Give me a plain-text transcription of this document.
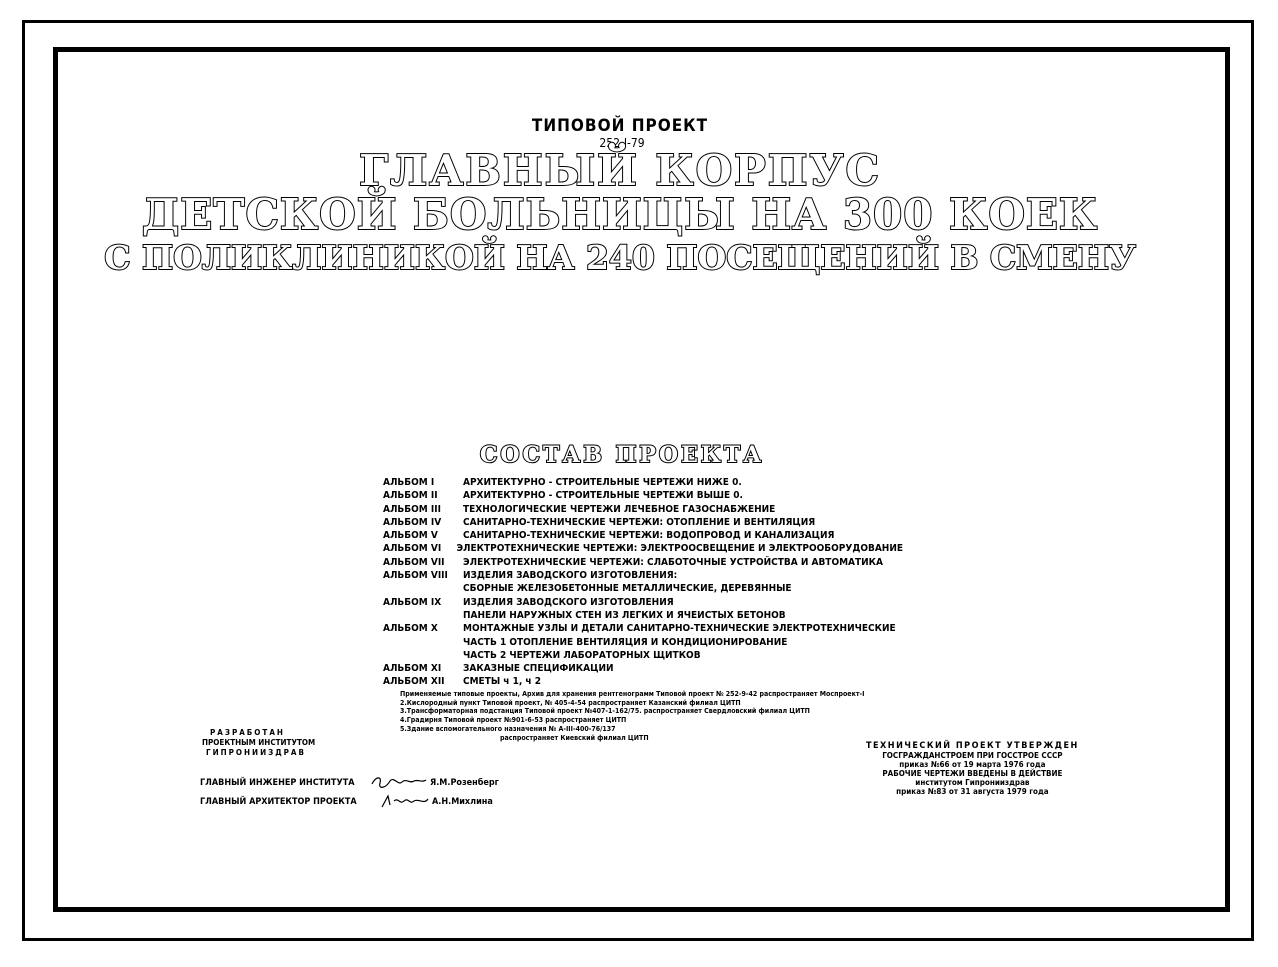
ТИПОВОЙ ПРОЕКТ
252-I-79
ГЛАВНЫЙ КОРПУС
ДЕТСКОЙ БОЛЬНИЦЫ НА 300 КОЕК
С ПОЛИКЛИНИКОЙ НА 240 ПОСЕЩЕНИЙ В СМЕНУ
СОСТАВ ПРОЕКТА
АЛЬБОМ I	АРХИТЕКТУРНО - СТРОИТЕЛЬНЫЕ ЧЕРТЕЖИ НИЖЕ 0.
АЛЬБОМ II	АРХИТЕКТУРНО - СТРОИТЕЛЬНЫЕ ЧЕРТЕЖИ ВЫШЕ 0.
АЛЬБОМ III	ТЕХНОЛОГИЧЕСКИЕ ЧЕРТЕЖИ ЛЕЧЕБНОЕ ГАЗОСНАБЖЕНИЕ
АЛЬБОМ IV	САНИТАРНО-ТЕХНИЧЕСКИЕ ЧЕРТЕЖИ: ОТОПЛЕНИЕ И ВЕНТИЛЯЦИЯ
АЛЬБОМ V	САНИТАРНО-ТЕХНИЧЕСКИЕ ЧЕРТЕЖИ: ВОДОПРОВОД И КАНАЛИЗАЦИЯ
АЛЬБОМ VI	ЭЛЕКТРОТЕХНИЧЕСКИЕ ЧЕРТЕЖИ: ЭЛЕКТРООСВЕЩЕНИЕ И ЭЛЕКТРООБОРУДОВАНИЕ
АЛЬБОМ VII	ЭЛЕКТРОТЕХНИЧЕСКИЕ ЧЕРТЕЖИ: СЛАБОТОЧНЫЕ УСТРОЙСТВА И АВТОМАТИКА
АЛЬБОМ VIII	ИЗДЕЛИЯ ЗАВОДСКОГО ИЗГОТОВЛЕНИЯ:
СБОРНЫЕ ЖЕЛЕЗОБЕТОННЫЕ МЕТАЛЛИЧЕСКИЕ, ДЕРЕВЯННЫЕ
АЛЬБОМ IX	ИЗДЕЛИЯ ЗАВОДСКОГО ИЗГОТОВЛЕНИЯ
ПАНЕЛИ НАРУЖНЫХ СТЕН ИЗ ЛЕГКИХ И ЯЧЕИСТЫХ БЕТОНОВ
АЛЬБОМ X	МОНТАЖНЫЕ УЗЛЫ И ДЕТАЛИ САНИТАРНО-ТЕХНИЧЕСКИЕ ЭЛЕКТРОТЕХНИЧЕСКИЕ
ЧАСТЬ 1 ОТОПЛЕНИЕ ВЕНТИЛЯЦИЯ И КОНДИЦИОНИРОВАНИЕ
ЧАСТЬ 2 ЧЕРТЕЖИ ЛАБОРАТОРНЫХ ЩИТКОВ
АЛЬБОМ XI	ЗАКАЗНЫЕ СПЕЦИФИКАЦИИ
АЛЬБОМ XII	СМЕТЫ ч 1, ч 2
Применяемые типовые проекты, Архив для хранения рентгенограмм Типовой проект № 252-9-42 распространяет Моспроект-I
2.Кислородный пункт Типовой проект, № 405-4-54 распространяет Казанский филиал ЦИТП
3.Трансформаторная подстанция Типовой проект №407-1-162/75. распространяет Свердловский филиал ЦИТП
4.Градирня Типовой проект №901-6-53 распространяет ЦИТП
5.Здание вспомогательного назначения № А-III-400-76/137
распространяет Киевский филиал ЦИТП
РАЗРАБОТАН
ПРОЕКТНЫМ ИНСТИТУТОМ
ГИПРОНИИЗДРАВ
ГЛАВНЫЙ ИНЖЕНЕР ИНСТИТУТА	Я.М.Розенберг
ГЛАВНЫЙ АРХИТЕКТОР ПРОЕКТА	А.Н.Михлина
ТЕХНИЧЕСКИЙ ПРОЕКТ УТВЕРЖДЕН
ГОСГРАЖДАНСТРОЕМ ПРИ ГОССТРОЕ СССР
приказ №66 от 19 марта 1976 года
РАБОЧИЕ ЧЕРТЕЖИ ВВЕДЕНЫ В ДЕЙСТВИЕ
институтом Гипронииздрав
приказ №83 от 31 августа 1979 года
